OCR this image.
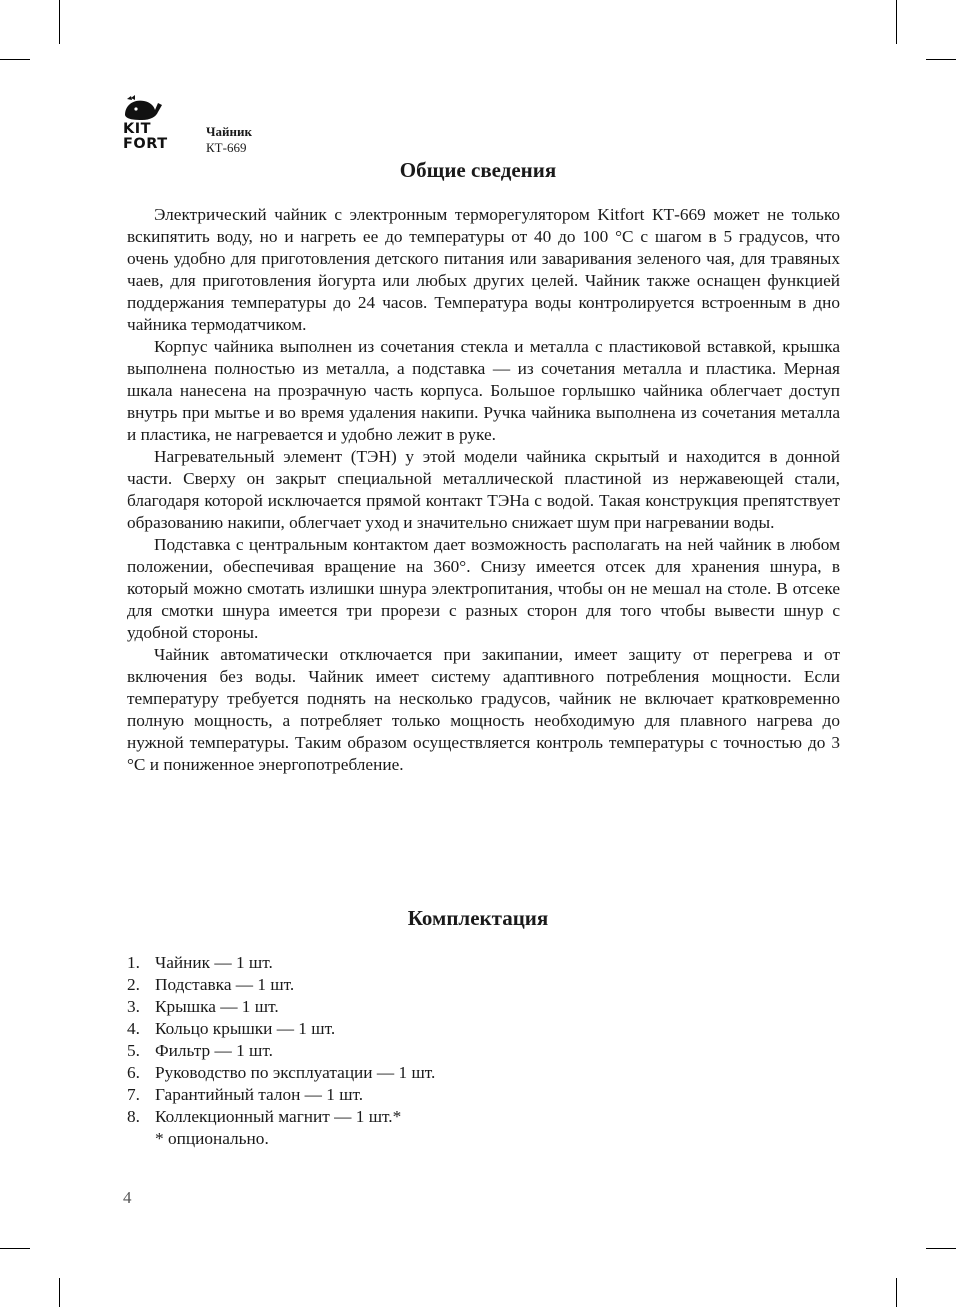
KIT
FORT
Чайник
КТ-669
Общие сведения

Электрический чайник с электронным терморегулятором Kitfort КТ-669 может не только вскипятить воду, но и нагреть ее до температуры от 40 до 100 °С с шагом в 5 градусов, что очень удобно для приготовления детского питания или заваривания зеленого чая, для травяных чаев, для приготовления йогурта или любых других целей. Чайник также оснащен функцией поддержания температуры до 24 часов. Температура воды контролируется встроенным в дно чайника термодатчиком.

Корпус чайника выполнен из сочетания стекла и металла с пластиковой вставкой, крышка выполнена полностью из металла, а подставка — из сочетания металла и пластика. Мерная шкала нанесена на прозрачную часть корпуса. Большое горлышко чайника облегчает доступ внутрь при мытье и во время удаления накипи. Ручка чайника выполнена из сочетания металла и пластика, не нагревается и удобно лежит в руке.

Нагревательный элемент (ТЭН) у этой модели чайника скрытый и находится в донной части. Сверху он закрыт специальной металлической пластиной из нержавеющей стали, благодаря которой исключается прямой контакт ТЭНа с водой. Такая конструкция препятствует образованию накипи, облегчает уход и значительно снижает шум при нагревании воды.

Подставка с центральным контактом дает возможность располагать на ней чайник в любом положении, обеспечивая вращение на 360°. Снизу имеется отсек для хранения шнура, в который можно смотать излишки шнура электропитания, чтобы он не мешал на столе. В отсеке для смотки шнура имеется три прорези с разных сторон для того чтобы вывести шнур с удобной стороны.

Чайник автоматически отключается при закипании, имеет защиту от перегрева и от включения без воды. Чайник имеет систему адаптивного потребления мощности. Если температуру требуется поднять на несколько градусов, чайник не включает кратковременно полную мощность, а потребляет только мощность необходимую для плавного нагрева до нужной температуры. Таким образом осуществляется контроль температуры с точностью до 3 °С и пониженное энергопотребление.

Комплектация
1. Чайник — 1 шт.
2. Подставка — 1 шт.
3. Крышка — 1 шт.
4. Кольцо крышки — 1 шт.
5. Фильтр — 1 шт.
6. Руководство по эксплуатации — 1 шт.
7. Гарантийный талон — 1 шт.
8. Коллекционный магнит — 1 шт.*
* опционально.
4
